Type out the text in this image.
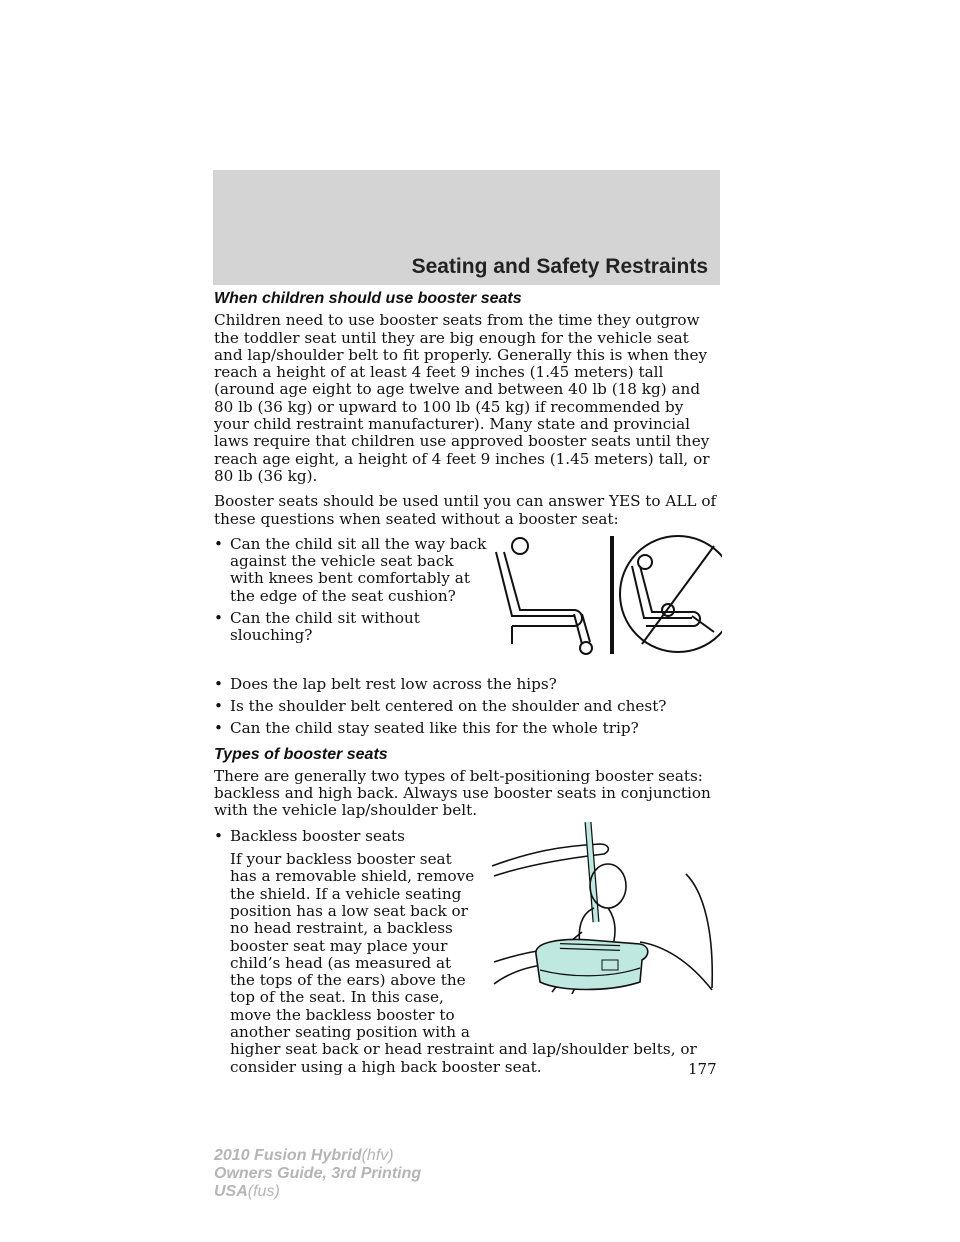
Seating and Safety Restraints
When children should use booster seats

Children need to use booster seats from the time they outgrow the toddler seat until they are big enough for the vehicle seat and lap/shoulder belt to fit properly. Generally this is when they reach a height of at least 4 feet 9 inches (1.45 meters) tall (around age eight to age twelve and between 40 lb (18 kg) and 80 lb (36 kg) or upward to 100 lb (45 kg) if recommended by your child restraint manufacturer). Many state and provincial laws require that children use approved booster seats until they reach age eight, a height of 4 feet 9 inches (1.45 meters) tall, or 80 lb (36 kg).

Booster seats should be used until you can answer YES to ALL of these questions when seated without a booster seat:

• Can the child sit all the way back against the vehicle seat back with knees bent comfortably at the edge of the seat cushion?
• Can the child sit without slouching?
• Does the lap belt rest low across the hips?
• Is the shoulder belt centered on the shoulder and chest?
• Can the child stay seated like this for the whole trip?
Types of booster seats

There are generally two types of belt-positioning booster seats: backless and high back. Always use booster seats in conjunction with the vehicle lap/shoulder belt.

• Backless booster seats
If your backless booster seat has a removable shield, remove the shield. If a vehicle seating position has a low seat back or no head restraint, a backless booster seat may place your child’s head (as measured at the tops of the ears) above the top of the seat. In this case, move the backless booster to another seating position with a
higher seat back or head restraint and lap/shoulder belts, or consider using a high back booster seat.	177
2010 Fusion Hybrid(hfv)
Owners Guide, 3rd Printing
USA(fus)
